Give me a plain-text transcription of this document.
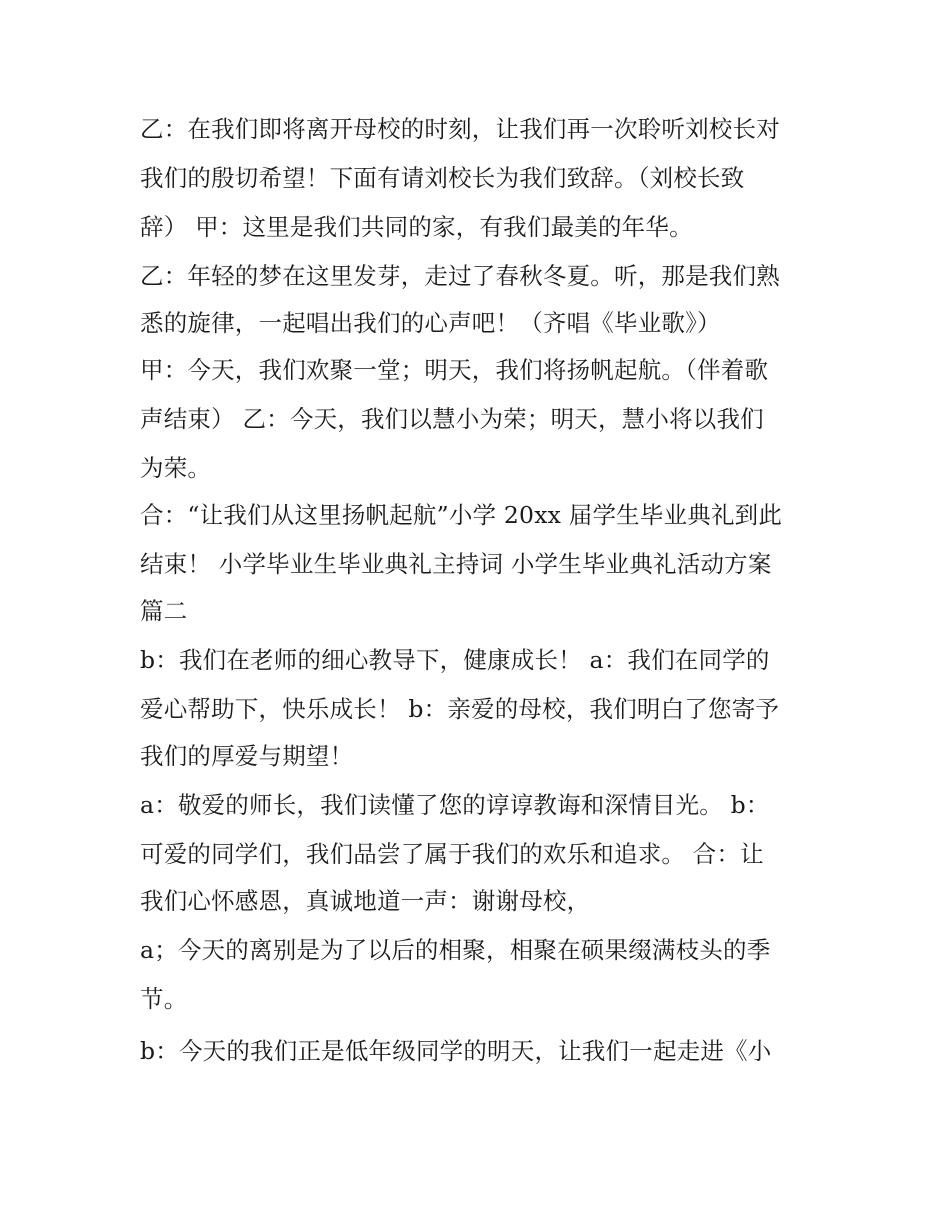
乙：在我们即将离开母校的时刻，让我们再一次聆听刘校长对
我们的殷切希望！下面有请刘校长为我们致辞。（刘校长致
辞） 甲：这里是我们共同的家，有我们最美的年华。
乙：年轻的梦在这里发芽，走过了春秋冬夏。听，那是我们熟
悉的旋律，一起唱出我们的心声吧！（齐唱《毕业歌》）
甲：今天，我们欢聚一堂；明天，我们将扬帆起航。（伴着歌
声结束） 乙：今天，我们以慧小为荣；明天，慧小将以我们
为荣。
合：“让我们从这里扬帆起航”小学 20xx 届学生毕业典礼到此
结束！ 小学毕业生毕业典礼主持词 小学生毕业典礼活动方案
篇二
b：我们在老师的细心教导下，健康成长！ a：我们在同学的
爱心帮助下，快乐成长！ b：亲爱的母校，我们明白了您寄予
我们的厚爱与期望！
a：敬爱的师长，我们读懂了您的谆谆教诲和深情目光。 b：
可爱的同学们，我们品尝了属于我们的欢乐和追求。 合：让
我们心怀感恩，真诚地道一声：谢谢母校，
a；今天的离别是为了以后的相聚，相聚在硕果缀满枝头的季
节。
b：今天的我们正是低年级同学的明天，让我们一起走进《小
